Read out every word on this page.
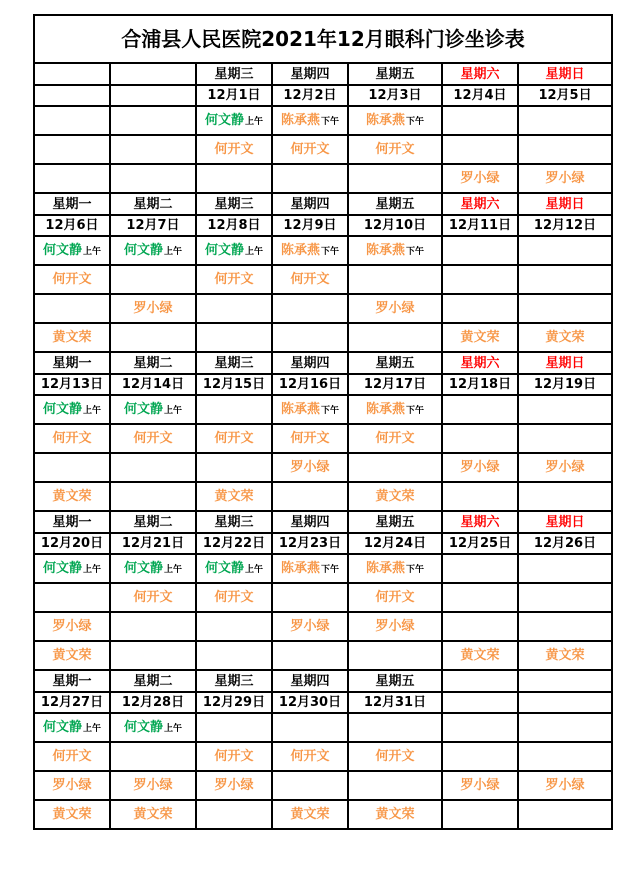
合浦县人民医院2021年12月眼科门诊坐诊表						
		星期三	星期四	星期五	星期六	星期日
		12月1日	12月2日	12月3日	12月4日	12月5日
		何文静上午	陈承燕下午	陈承燕下午		
		何开文	何开文	何开文		
					罗小绿	罗小绿
星期一	星期二	星期三	星期四	星期五	星期六	星期日
12月6日	12月7日	12月8日	12月9日	12月10日	12月11日	12月12日
何文静上午	何文静上午	何文静上午	陈承燕下午	陈承燕下午		
何开文		何开文	何开文			
	罗小绿			罗小绿		
黄文荣					黄文荣	黄文荣
星期一	星期二	星期三	星期四	星期五	星期六	星期日
12月13日	12月14日	12月15日	12月16日	12月17日	12月18日	12月19日
何文静上午	何文静上午		陈承燕下午	陈承燕下午		
何开文	何开文	何开文	何开文	何开文		
			罗小绿		罗小绿	罗小绿
黄文荣		黄文荣		黄文荣		
星期一	星期二	星期三	星期四	星期五	星期六	星期日
12月20日	12月21日	12月22日	12月23日	12月24日	12月25日	12月26日
何文静上午	何文静上午	何文静上午	陈承燕下午	陈承燕下午		
	何开文	何开文		何开文		
罗小绿			罗小绿	罗小绿		
黄文荣					黄文荣	黄文荣
星期一	星期二	星期三	星期四	星期五		
12月27日	12月28日	12月29日	12月30日	12月31日		
何文静上午	何文静上午					
何开文		何开文	何开文	何开文		
罗小绿	罗小绿	罗小绿			罗小绿	罗小绿
黄文荣	黄文荣		黄文荣	黄文荣		
